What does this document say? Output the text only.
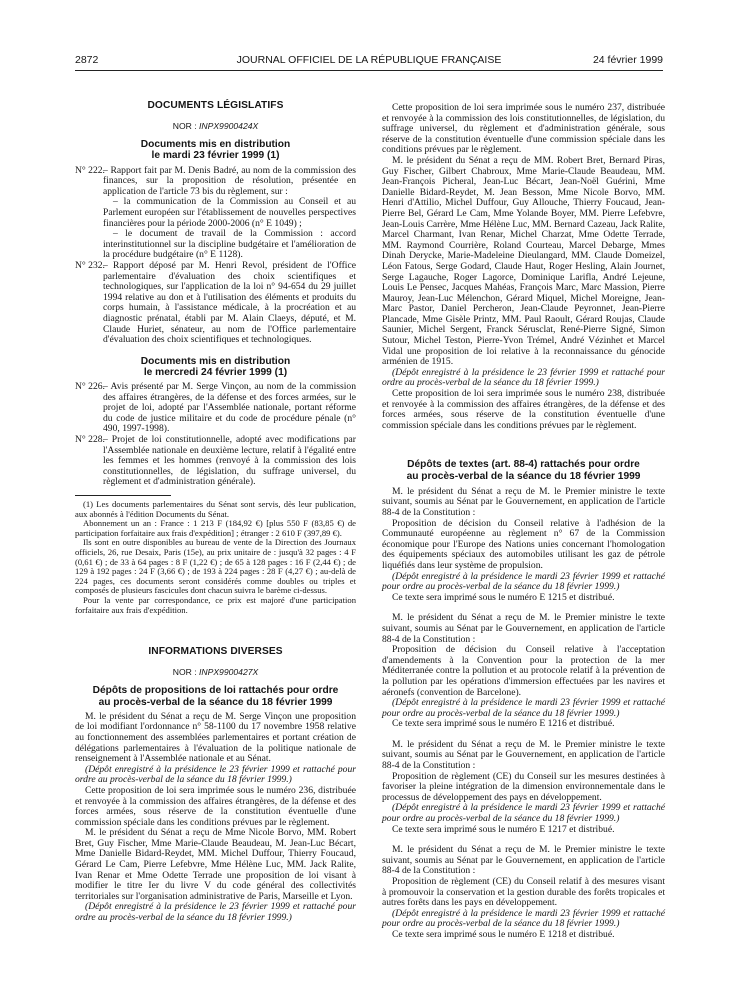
2872	JOURNAL OFFICIEL DE LA RÉPUBLIQUE FRANÇAISE	24 février 1999
DOCUMENTS LÉGISLATIFS
NOR : INPX9900424X
Documents mis en distribution
le mardi 23 février 1999 (1)
N° 222.

– Rapport fait par M. Denis Badré, au nom de la commission des finances, sur la proposition de résolution, présentée en application de l'article 73 bis du règlement, sur :

– la communication de la Commission au Conseil et au Parlement européen sur l'établissement de nouvelles perspectives financières pour la période 2000-2006 (n° E 1049) ;

– le document de travail de la Commission : accord interinstitutionnel sur la discipline budgétaire et l'amélioration de la procédure budgétaire (n° E 1128).

N° 232.

– Rapport déposé par M. Henri Revol, président de l'Office parlementaire d'évaluation des choix scientifiques et technologiques, sur l'application de la loi n° 94-654 du 29 juillet 1994 relative au don et à l'utilisation des éléments et produits du corps humain, à l'assistance médicale, à la procréation et au diagnostic prénatal, établi par M. Alain Claeys, député, et M. Claude Huriet, sénateur, au nom de l'Office parlementaire d'évaluation des choix scientifiques et technologiques.

Documents mis en distribution
le mercredi 24 février 1999 (1)
N° 226.

– Avis présenté par M. Serge Vinçon, au nom de la commission des affaires étrangères, de la défense et des forces armées, sur le projet de loi, adopté par l'Assemblée nationale, portant réforme du code de justice militaire et du code de procédure pénale (n° 490, 1997-1998).

N° 228.

– Projet de loi constitutionnelle, adopté avec modifications par l'Assemblée nationale en deuxième lecture, relatif à l'égalité entre les femmes et les hommes (renvoyé à la commission des lois constitutionnelles, de législation, du suffrage universel, du règlement et d'administration générale).

(1) Les documents parlementaires du Sénat sont servis, dès leur publication, aux abonnés à l'édition Documents du Sénat.

Abonnement un an : France : 1 213 F (184,92 €) [plus 550 F (83,85 €) de participation forfaitaire aux frais d'expédition] ; étranger : 2 610 F (397,89 €).

Ils sont en outre disponibles au bureau de vente de la Direction des Journaux officiels, 26, rue Desaix, Paris (15e), au prix unitaire de : jusqu'à 32 pages : 4 F (0,61 €) ; de 33 à 64 pages : 8 F (1,22 €) ; de 65 à 128 pages : 16 F (2,44 €) ; de 129 à 192 pages : 24 F (3,66 €) ; de 193 à 224 pages : 28 F (4,27 €) ; au-delà de 224 pages, ces documents seront considérés comme doubles ou triples et composés de plusieurs fascicules dont chacun suivra le barème ci-dessus.

Pour la vente par correspondance, ce prix est majoré d'une participation forfaitaire aux frais d'expédition.

INFORMATIONS DIVERSES
NOR : INPX9900427X
Dépôts de propositions de loi rattachés pour ordre
au procès-verbal de la séance du 18 février 1999

M. le président du Sénat a reçu de M. Serge Vinçon une proposition de loi modifiant l'ordonnance n° 58-1100 du 17 novembre 1958 relative au fonctionnement des assemblées parlementaires et portant création de délégations parlementaires à l'évaluation de la politique nationale de renseignement à l'Assemblée nationale et au Sénat.

(Dépôt enregistré à la présidence le 23 février 1999 et rattaché pour ordre au procès-verbal de la séance du 18 février 1999.)

Cette proposition de loi sera imprimée sous le numéro 236, distribuée et renvoyée à la commission des affaires étrangères, de la défense et des forces armées, sous réserve de la constitution éventuelle d'une commission spéciale dans les conditions prévues par le règlement.

M. le président du Sénat a reçu de Mme Nicole Borvo, MM. Robert Bret, Guy Fischer, Mme Marie-Claude Beaudeau, M. Jean-Luc Bécart, Mme Danielle Bidard-Reydet, MM. Michel Duffour, Thierry Foucaud, Gérard Le Cam, Pierre Lefebvre, Mme Hélène Luc, MM. Jack Ralite, Ivan Renar et Mme Odette Terrade une proposition de loi visant à modifier le titre Ier du livre V du code général des collectivités territoriales sur l'organisation administrative de Paris, Marseille et Lyon.

(Dépôt enregistré à la présidence le 23 février 1999 et rattaché pour ordre au procès-verbal de la séance du 18 février 1999.)

Cette proposition de loi sera imprimée sous le numéro 237, distribuée et renvoyée à la commission des lois constitutionnelles, de législation, du suffrage universel, du règlement et d'administration générale, sous réserve de la constitution éventuelle d'une commission spéciale dans les conditions prévues par le règlement.

M. le président du Sénat a reçu de MM. Robert Bret, Bernard Piras, Guy Fischer, Gilbert Chabroux, Mme Marie-Claude Beaudeau, MM. Jean-François Picheral, Jean-Luc Bécart, Jean-Noël Guérini, Mme Danielle Bidard-Reydet, M. Jean Besson, Mme Nicole Borvo, MM. Henri d'Attilio, Michel Duffour, Guy Allouche, Thierry Foucaud, Jean-Pierre Bel, Gérard Le Cam, Mme Yolande Boyer, MM. Pierre Lefebvre, Jean-Louis Carrère, Mme Hélène Luc, MM. Bernard Cazeau, Jack Ralite, Marcel Charmant, Ivan Renar, Michel Charzat, Mme Odette Terrade, MM. Raymond Courrière, Roland Courteau, Marcel Debarge, Mmes Dinah Derycke, Marie-Madeleine Dieulangard, MM. Claude Domeizel, Léon Fatous, Serge Godard, Claude Haut, Roger Hesling, Alain Journet, Serge Lagauche, Roger Lagorce, Dominique Larifla, André Lejeune, Louis Le Pensec, Jacques Mahéas, François Marc, Marc Massion, Pierre Mauroy, Jean-Luc Mélenchon, Gérard Miquel, Michel Moreigne, Jean-Marc Pastor, Daniel Percheron, Jean-Claude Peyronnet, Jean-Pierre Plancade, Mme Gisèle Printz, MM. Paul Raoult, Gérard Roujas, Claude Saunier, Michel Sergent, Franck Sérusclat, René-Pierre Signé, Simon Sutour, Michel Teston, Pierre-Yvon Trémel, André Vézinhet et Marcel Vidal une proposition de loi relative à la reconnaissance du génocide arménien de 1915.

(Dépôt enregistré à la présidence le 23 février 1999 et rattaché pour ordre au procès-verbal de la séance du 18 février 1999.)

Cette proposition de loi sera imprimée sous le numéro 238, distribuée et renvoyée à la commission des affaires étrangères, de la défense et des forces armées, sous réserve de la constitution éventuelle d'une commission spéciale dans les conditions prévues par le règlement.

Dépôts de textes (art. 88-4) rattachés pour ordre
au procès-verbal de la séance du 18 février 1999

M. le président du Sénat a reçu de M. le Premier ministre le texte suivant, soumis au Sénat par le Gouvernement, en application de l'article 88-4 de la Constitution :

Proposition de décision du Conseil relative à l'adhésion de la Communauté européenne au règlement n° 67 de la Commission économique pour l'Europe des Nations unies concernant l'homologation des équipements spéciaux des automobiles utilisant les gaz de pétrole liquéfiés dans leur système de propulsion.

(Dépôt enregistré à la présidence le mardi 23 février 1999 et rattaché pour ordre au procès-verbal de la séance du 18 février 1999.)

Ce texte sera imprimé sous le numéro E 1215 et distribué.

M. le président du Sénat a reçu de M. le Premier ministre le texte suivant, soumis au Sénat par le Gouvernement, en application de l'article 88-4 de la Constitution :

Proposition de décision du Conseil relative à l'acceptation d'amendements à la Convention pour la protection de la mer Méditerranée contre la pollution et au protocole relatif à la prévention de la pollution par les opérations d'immersion effectuées par les navires et aéronefs (convention de Barcelone).

(Dépôt enregistré à la présidence le mardi 23 février 1999 et rattaché pour ordre au procès-verbal de la séance du 18 février 1999.)

Ce texte sera imprimé sous le numéro E 1216 et distribué.

M. le président du Sénat a reçu de M. le Premier ministre le texte suivant, soumis au Sénat par le Gouvernement, en application de l'article 88-4 de la Constitution :

Proposition de règlement (CE) du Conseil sur les mesures destinées à favoriser la pleine intégration de la dimension environnementale dans le processus de développement des pays en développement.

(Dépôt enregistré à la présidence le mardi 23 février 1999 et rattaché pour ordre au procès-verbal de la séance du 18 février 1999.)

Ce texte sera imprimé sous le numéro E 1217 et distribué.

M. le président du Sénat a reçu de M. le Premier ministre le texte suivant, soumis au Sénat par le Gouvernement, en application de l'article 88-4 de la Constitution :

Proposition de règlement (CE) du Conseil relatif à des mesures visant à promouvoir la conservation et la gestion durable des forêts tropicales et autres forêts dans les pays en développement.

(Dépôt enregistré à la présidence le mardi 23 février 1999 et rattaché pour ordre au procès-verbal de la séance du 18 février 1999.)

Ce texte sera imprimé sous le numéro E 1218 et distribué.
